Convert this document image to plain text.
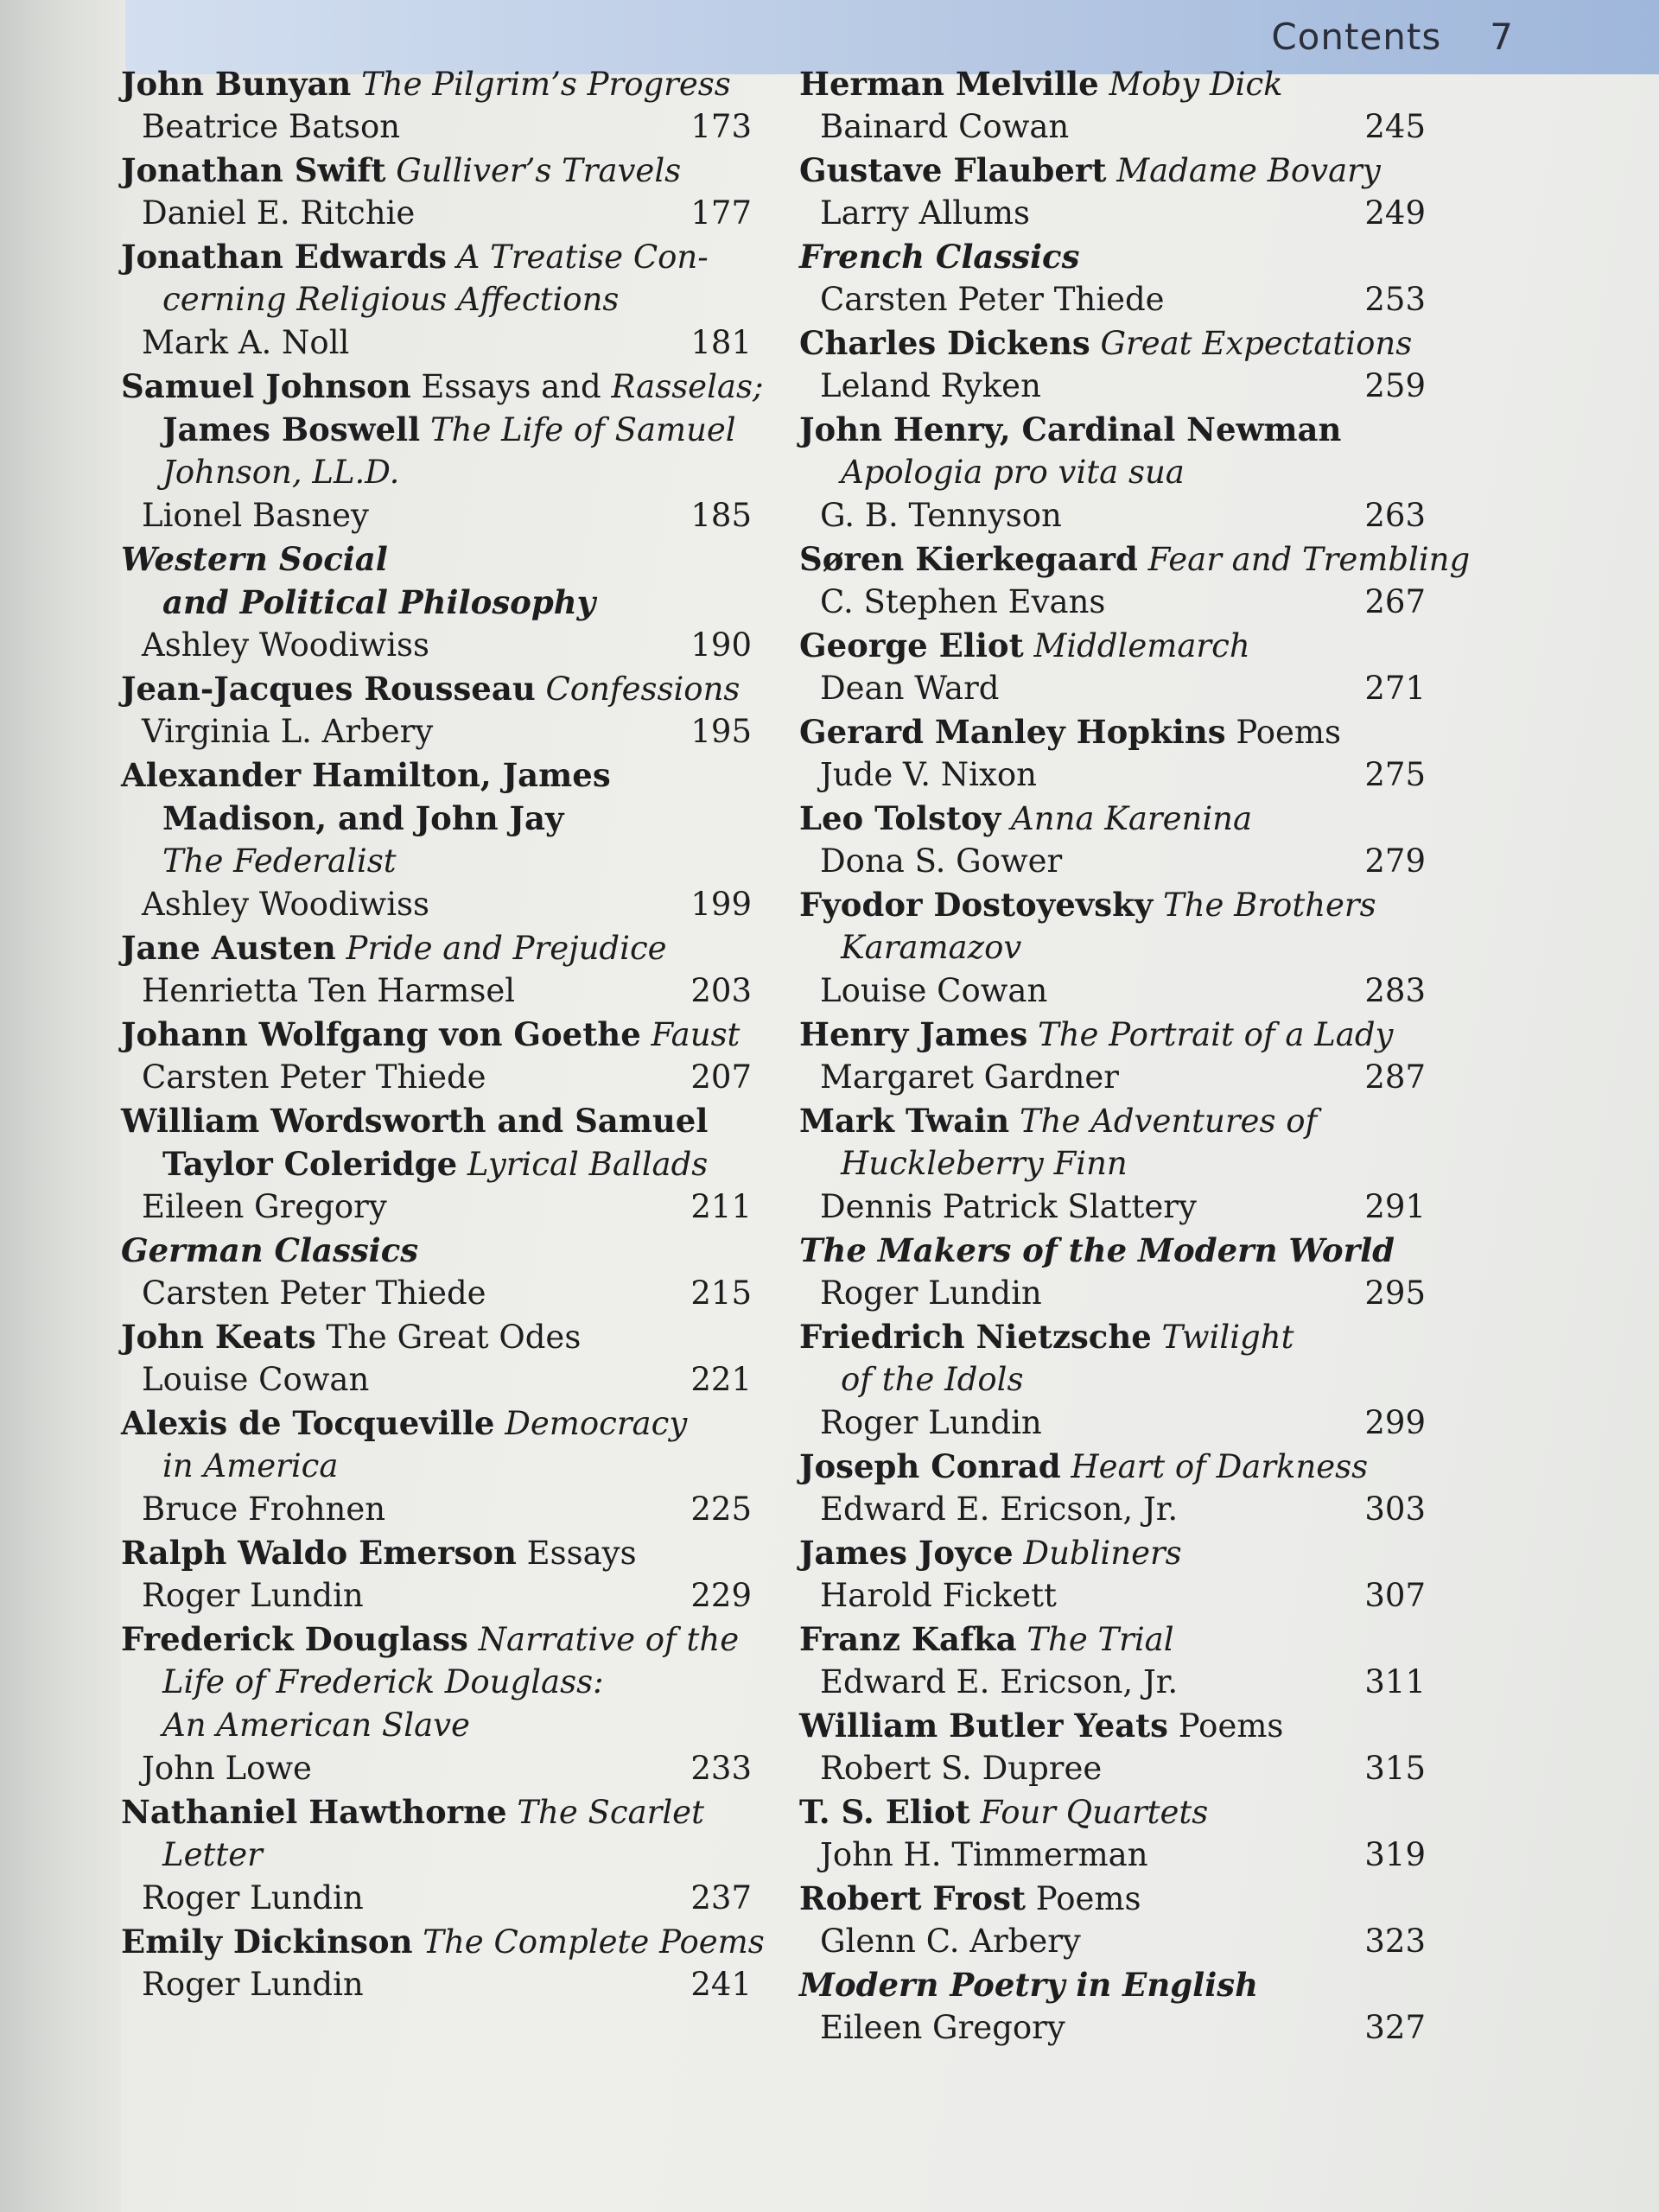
Contents 7
John Bunyan The Pilgrim’s Progress
Beatrice Batson	173
Jonathan Swift Gulliver’s Travels
Daniel E. Ritchie	177
Jonathan Edwards A Treatise Con-
cerning Religious Affections
Mark A. Noll	181
Samuel Johnson Essays and Rasselas;
James Boswell The Life of Samuel
Johnson, LL.D.
Lionel Basney	185
Western Social
and Political Philosophy
Ashley Woodiwiss	190
Jean-Jacques Rousseau Confessions
Virginia L. Arbery	195
Alexander Hamilton, James
Madison, and John Jay
The Federalist
Ashley Woodiwiss	199
Jane Austen Pride and Prejudice
Henrietta Ten Harmsel	203
Johann Wolfgang von Goethe Faust
Carsten Peter Thiede	207
William Wordsworth and Samuel
Taylor Coleridge Lyrical Ballads
Eileen Gregory	211
German Classics
Carsten Peter Thiede	215
John Keats The Great Odes
Louise Cowan	221
Alexis de Tocqueville Democracy
in America
Bruce Frohnen	225
Ralph Waldo Emerson Essays
Roger Lundin	229
Frederick Douglass Narrative of the
Life of Frederick Douglass:
An American Slave
John Lowe	233
Nathaniel Hawthorne The Scarlet
Letter
Roger Lundin	237
Emily Dickinson The Complete Poems
Roger Lundin	241
Herman Melville Moby Dick
Bainard Cowan	245
Gustave Flaubert Madame Bovary
Larry Allums	249
French Classics
Carsten Peter Thiede	253
Charles Dickens Great Expectations
Leland Ryken	259
John Henry, Cardinal Newman
Apologia pro vita sua
G. B. Tennyson	263
Søren Kierkegaard Fear and Trembling
C. Stephen Evans	267
George Eliot Middlemarch
Dean Ward	271
Gerard Manley Hopkins Poems
Jude V. Nixon	275
Leo Tolstoy Anna Karenina
Dona S. Gower	279
Fyodor Dostoyevsky The Brothers
Karamazov
Louise Cowan	283
Henry James The Portrait of a Lady
Margaret Gardner	287
Mark Twain The Adventures of
Huckleberry Finn
Dennis Patrick Slattery	291
The Makers of the Modern World
Roger Lundin	295
Friedrich Nietzsche Twilight
of the Idols
Roger Lundin	299
Joseph Conrad Heart of Darkness
Edward E. Ericson, Jr.	303
James Joyce Dubliners
Harold Fickett	307
Franz Kafka The Trial
Edward E. Ericson, Jr.	311
William Butler Yeats Poems
Robert S. Dupree	315
T. S. Eliot Four Quartets
John H. Timmerman	319
Robert Frost Poems
Glenn C. Arbery	323
Modern Poetry in English
Eileen Gregory	327
